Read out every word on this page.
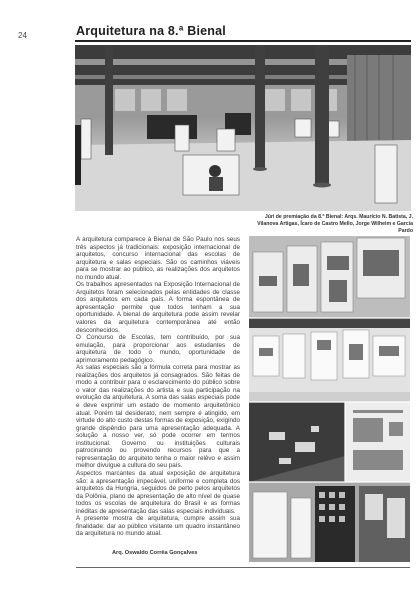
24	Arquitetura na 8.ª Bienal
Júri de premiação da 8.ª Bienal: Arqs. Maurício N. Batista, J. Vilanova Artigas, Ícaro de Castro Mello, Jorge Wilheim e Garcia Pardo

A arquitetura comparece à Bienal de São Paulo nos seus três aspectos já tradicionais: exposição internacional de arquitetos, concurso internacional das escolas de arquitetura e salas especiais. São os caminhos viáveis para se mostrar ao público, as realizações dos arquitetos no mundo atual.

Os trabalhos apresentados na Exposição Internacional de Arquitetos foram selecionados pelas entidades de classe dos arquitetos em cada país. A forma espontânea de apresentação permite que todos tenham a sua oportunidade. A bienal de arquitetura pode assim revelar valores da arquitetura contemporânea até então desconhecidos.

O Concurso de Escolas, tem contribuído, por sua emulação, para proporcionar aos estudantes de arquitetura de todo o mundo, oportunidade de aprimoramento pedagógico.

As salas especiais são a fórmula correta para mostrar as realizações dos arquitetos já consagrados. São feitas de modo a contribuir para o esclarecimento do público sobre o valor das realizações do artista e sua participação na evolução da arquitetura. A soma das salas especiais pode e deve exprimir um estado de momento arquitetônico atual. Porém tal desiderato, nem sempre é atingido, em virtude do alto custo destas formas de exposição, exigindo grande dispêndio para uma apresentação adequada. A solução a nosso ver, só pode ocorrer em termos institucional. Governo ou instituições culturais patrocinando ou provendo recursos para que a representação do arquiteto tenha o maior relêvo e assim melhor divulgue a cultura do seu país.

Aspectos marcantes da atual exposição de arquitetura são: a apresentação impecável, uniforme e completa dos arquitetos da Hungria, seguidos de perto pelos arquitetos da Polônia, plano de apresentação de alto nível de quase todos os escolas de arquitetura do Brasil e as formas inéditas de apresentação das salas especiais individuais.

A presente mostra de arquitetura, cumpre assim sua finalidade: dar ao público visitante um quadro instantâneo da arquitetura no mundo atual.

Arq. Oswaldo Corrêa Gonçalves
